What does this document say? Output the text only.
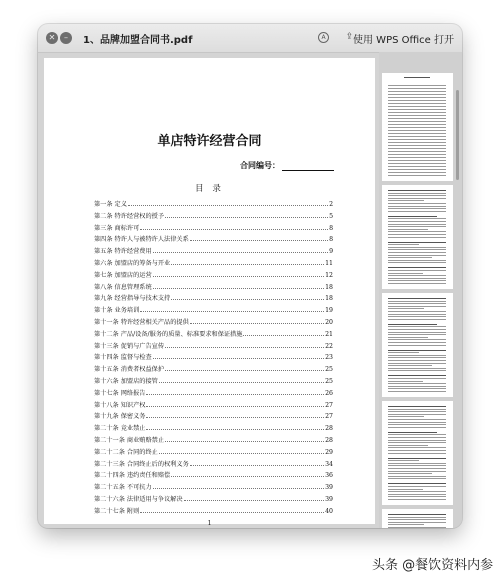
✕	–	1、品牌加盟合同书.pdf	A	⇪ 使用 WPS Office 打开
单店特许经营合同
合同编号：
目 录
第一条 定义	2
第二条 特许经营权的授予	5
第三条 商标许可	8
第四条 特许人与被特许人法律关系	8
第五条 特许经营费用	9
第六条 加盟店的筹备与开业	11
第七条 加盟店的运营	12
第八条 信息管理系统	18
第九条 经营指导与技术支持	18
第十条 业务培训	19
第十一条 特许经营相关产品的提供	20
第十二条 产品/设备/服务的质量、标准要求和保证措施	21
第十三条 促销与广告宣传	22
第十四条 监督与检查	23
第十五条 消费者权益保护	25
第十六条 加盟店的接管	25
第十七条 网络报告	26
第十八条 知识产权	27
第十九条 保密义务	27
第二十条 竞业禁止	28
第二十一条 商业贿赂禁止	28
第二十二条 合同的终止	29
第二十三条 合同终止后的权利义务	34
第二十四条 违约责任和赔偿	36
第二十五条 不可抗力	39
第二十六条 法律适用与争议解决	39
第二十七条 附则	40
1
头条 @餐饮资料内参
